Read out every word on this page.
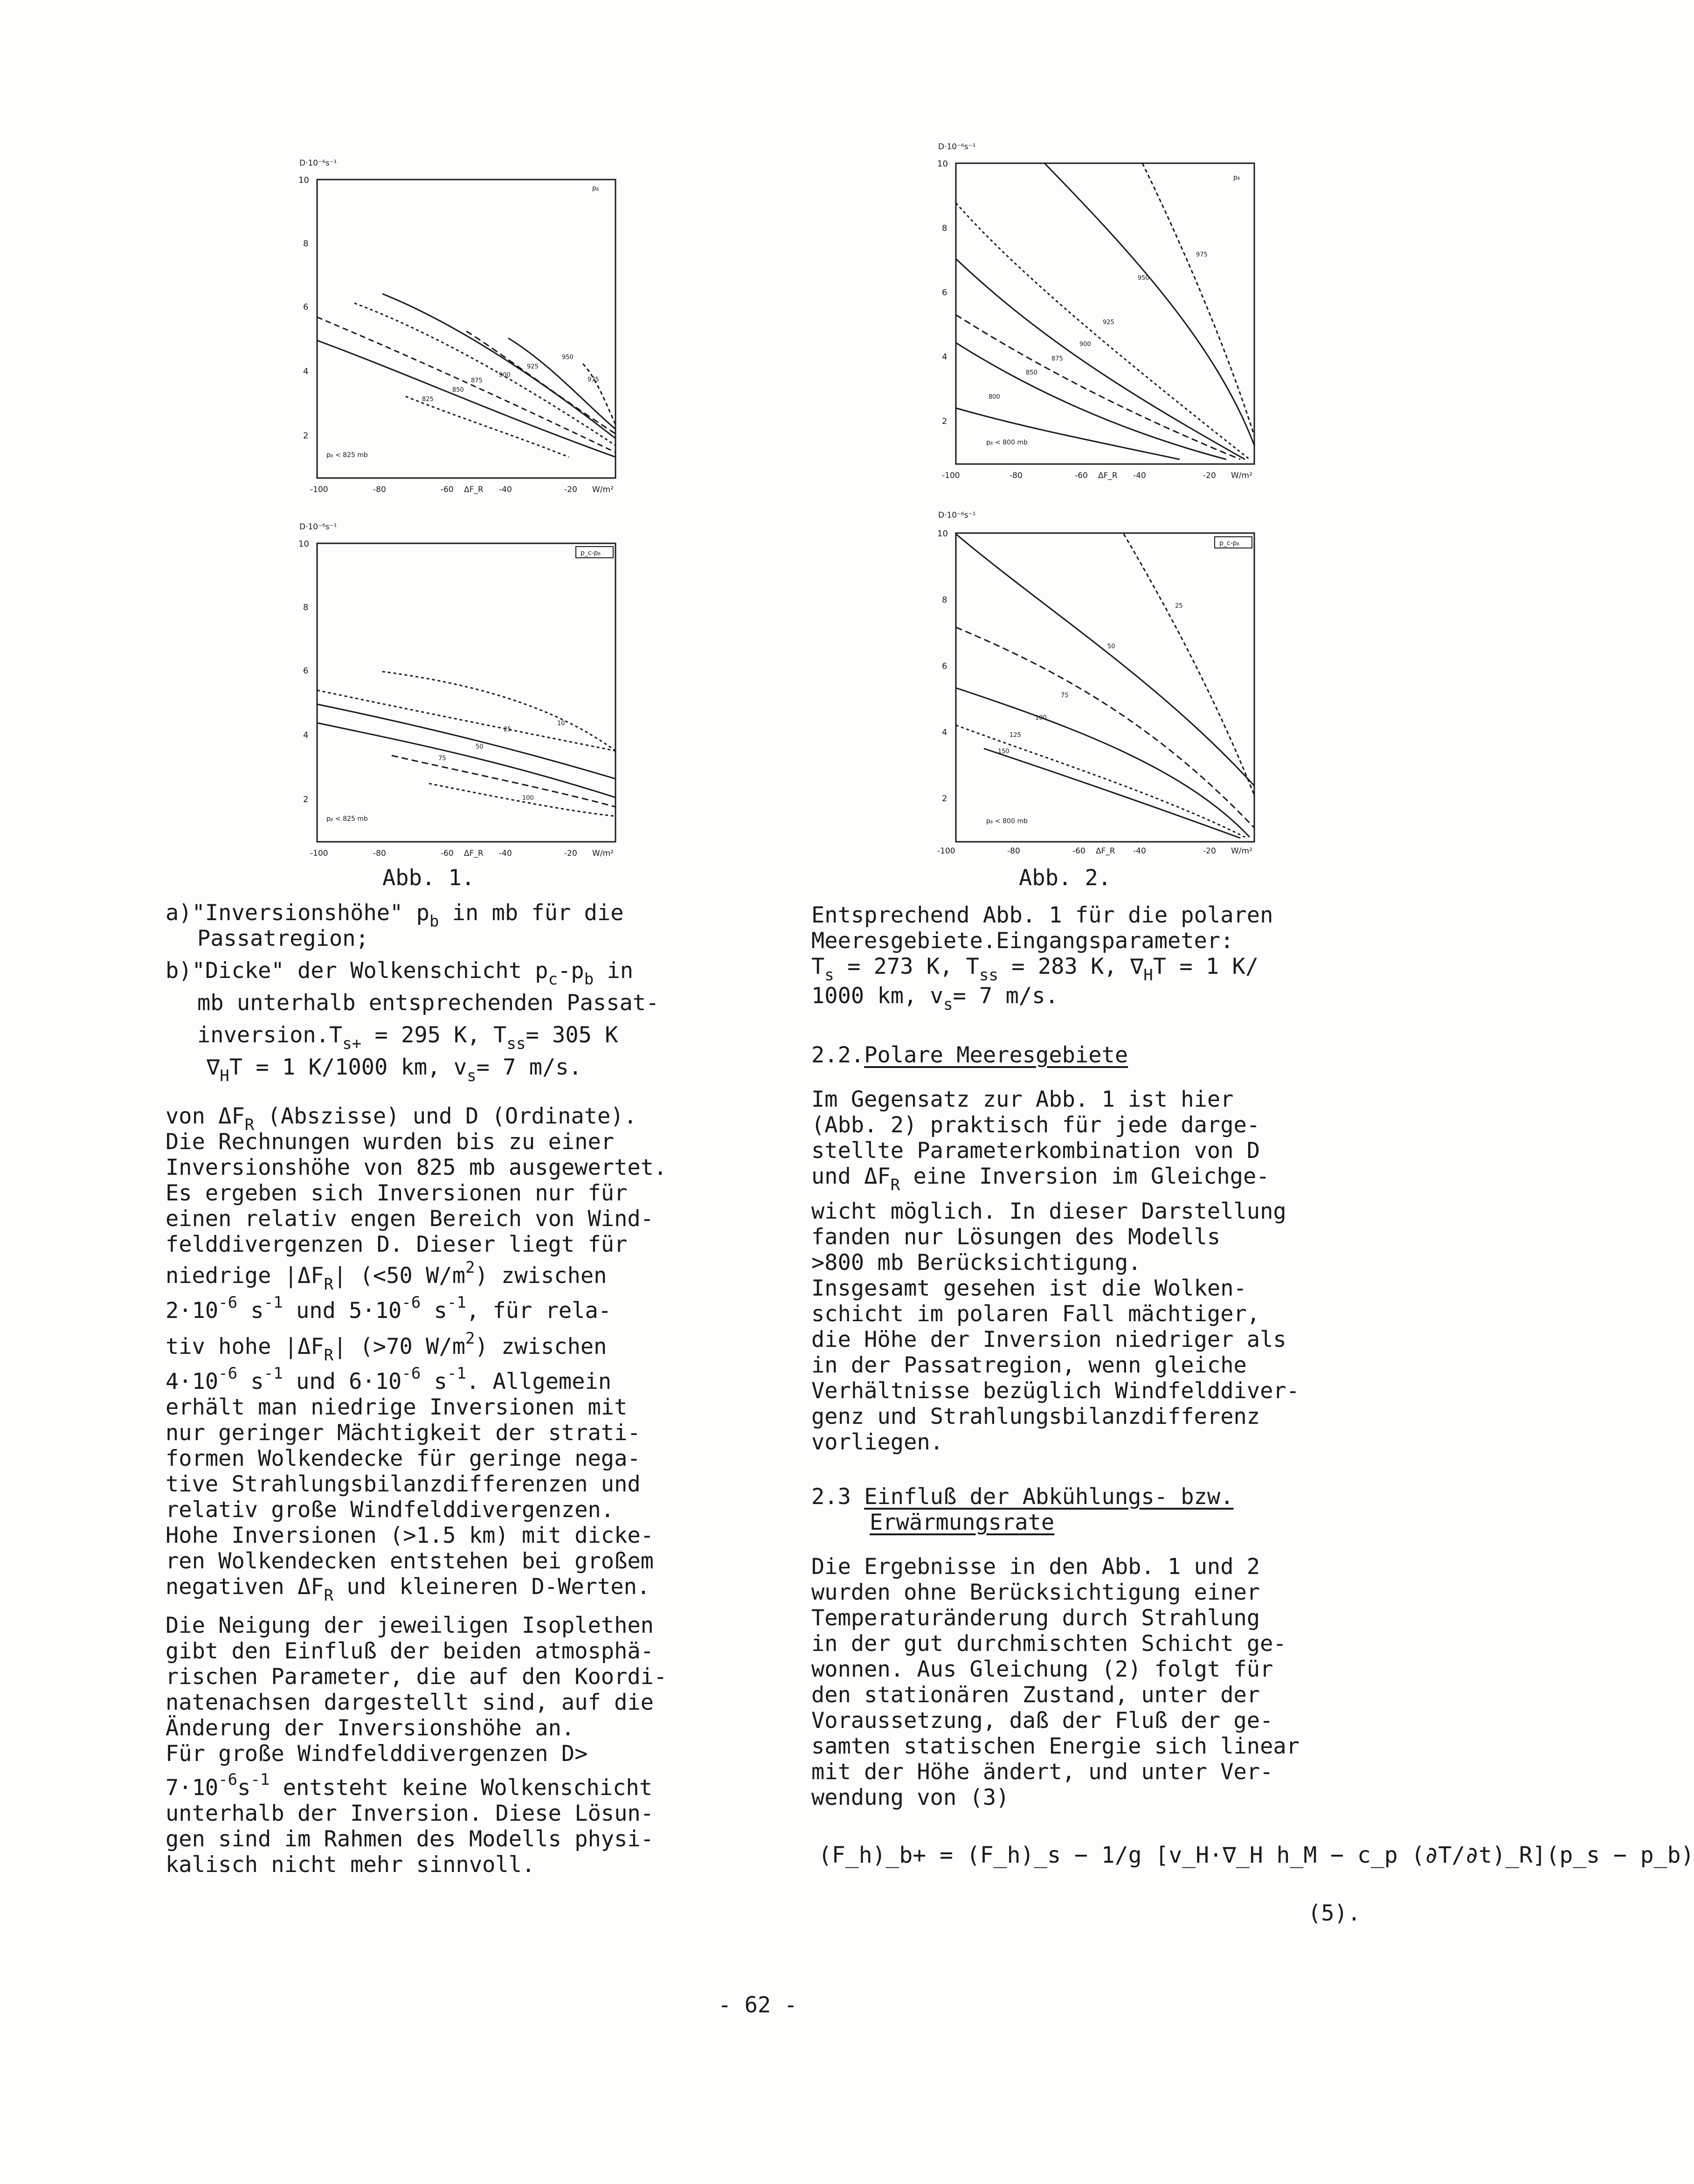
D·10⁻⁶s⁻¹
10
8
6
4
2
-100	-80	-60 ΔF_R -40	-20 W/m²
pᵦ
pᵦ < 825 mb
825
850
875
900
925
950
975
D·10⁻⁶s⁻¹
10
8
6
4
2
-100	-80	-60 ΔF_R -40	-20 W/m²
p_c-pᵦ
pᵦ < 825 mb
10
25
50
75
100
Abb. 1.
D·10⁻⁶s⁻¹
10
8
6
4
2
-100	-80	-60 ΔF_R -40	-20 W/m²
pᵦ
pᵦ < 800 mb
800
850
875
900
925
950
975
D·10⁻⁶s⁻¹
10
8
6
4
2
-100	-80	-60 ΔF_R -40	-20 W/m²
p_c-pᵦ
pᵦ < 800 mb
25
50
75
100
125
150
Abb. 2.

a)"Inversionshöhe" $p_b$ in mb für die

Passatregion;

b)"Dicke" der Wolkenschicht $p_c-p_b$ in

mb unterhalb entsprechenden Passat-

$inversion.T_{s+} = 295$ K, $T_{ss}= 305$ K

$\nabla_HT = 1$ K/1000 km, $v_s= 7$ m/s.

von $\Delta F_R$ (Abszisse) und D (Ordinate).

Die Rechnungen wurden bis zu einer

Inversionshöhe von 825 mb ausgewertet.

Es ergeben sich Inversionen nur für

einen relativ engen Bereich von Wind-

felddivergenzen D. Dieser liegt für

niedrige $|\Delta F_R|$ (<50 $W/m^2$) zwischen

$2\cdot 10^{-6}$ $s^{-1}$ und $5\cdot 10^{-6}$ $s^{-1}$, für rela-

tiv hohe $|\Delta F_R|$ (>70 $W/m^2$) zwischen

$4\cdot 10^{-6}$ $s^{-1}$ und $6\cdot 10^{-6}$ $s^{-1}$. Allgemein

erhält man niedrige Inversionen mit

nur geringer Mächtigkeit der strati-

formen Wolkendecke für geringe nega-

tive Strahlungsbilanzdifferenzen und

relativ große Windfelddivergenzen.

Hohe Inversionen (>1.5 km) mit dicke-

ren Wolkendecken entstehen bei großem

negativen $\Delta F_R$ und kleineren D-Werten.

Die Neigung der jeweiligen Isoplethen

gibt den Einfluß der beiden atmosphä-

rischen Parameter, die auf den Koordi-

natenachsen dargestellt sind, auf die

Änderung der Inversionshöhe an.

Für große Windfelddivergenzen D>

$7\cdot 10^{-6}s^{-1}$ entsteht keine Wolkenschicht

unterhalb der Inversion. Diese Lösun-

gen sind im Rahmen des Modells physi-

kalisch nicht mehr sinnvoll.

Entsprechend Abb. 1 für die polaren

Meeresgebiete.Eingangsparameter:

$T_s = 273$ K, $T_{ss} = 283$ K, $\nabla_HT = 1$ K/

1000 km, $v_s= 7$ m/s.

2.2.Polare Meeresgebiete

Im Gegensatz zur Abb. 1 ist hier

(Abb. 2) praktisch für jede darge-

stellte Parameterkombination von D

und $\Delta F_R$ eine Inversion im Gleichge-

wicht möglich. In dieser Darstellung

fanden nur Lösungen des Modells

>800 mb Berücksichtigung.

Insgesamt gesehen ist die Wolken-

schicht im polaren Fall mächtiger,

die Höhe der Inversion niedriger als

in der Passatregion, wenn gleiche

Verhältnisse bezüglich Windfelddiver-

genz und Strahlungsbilanzdifferenz

vorliegen.

2.3 Einfluß der Abkühlungs- bzw.

Erwärmungsrate

Die Ergebnisse in den Abb. 1 und 2

wurden ohne Berücksichtigung einer

Temperaturänderung durch Strahlung

in der gut durchmischten Schicht ge-

wonnen. Aus Gleichung (2) folgt für

den stationären Zustand, unter der

Voraussetzung, daß der Fluß der ge-

samten statischen Energie sich linear

mit der Höhe ändert, und unter Ver-

wendung von (3)

(F_h)_b+ = (F_h)_s − 1/g [v_H·∇_H h_M − c_p (∂T/∂t)_R](p_s − p_b)
(5).
- 62 -
